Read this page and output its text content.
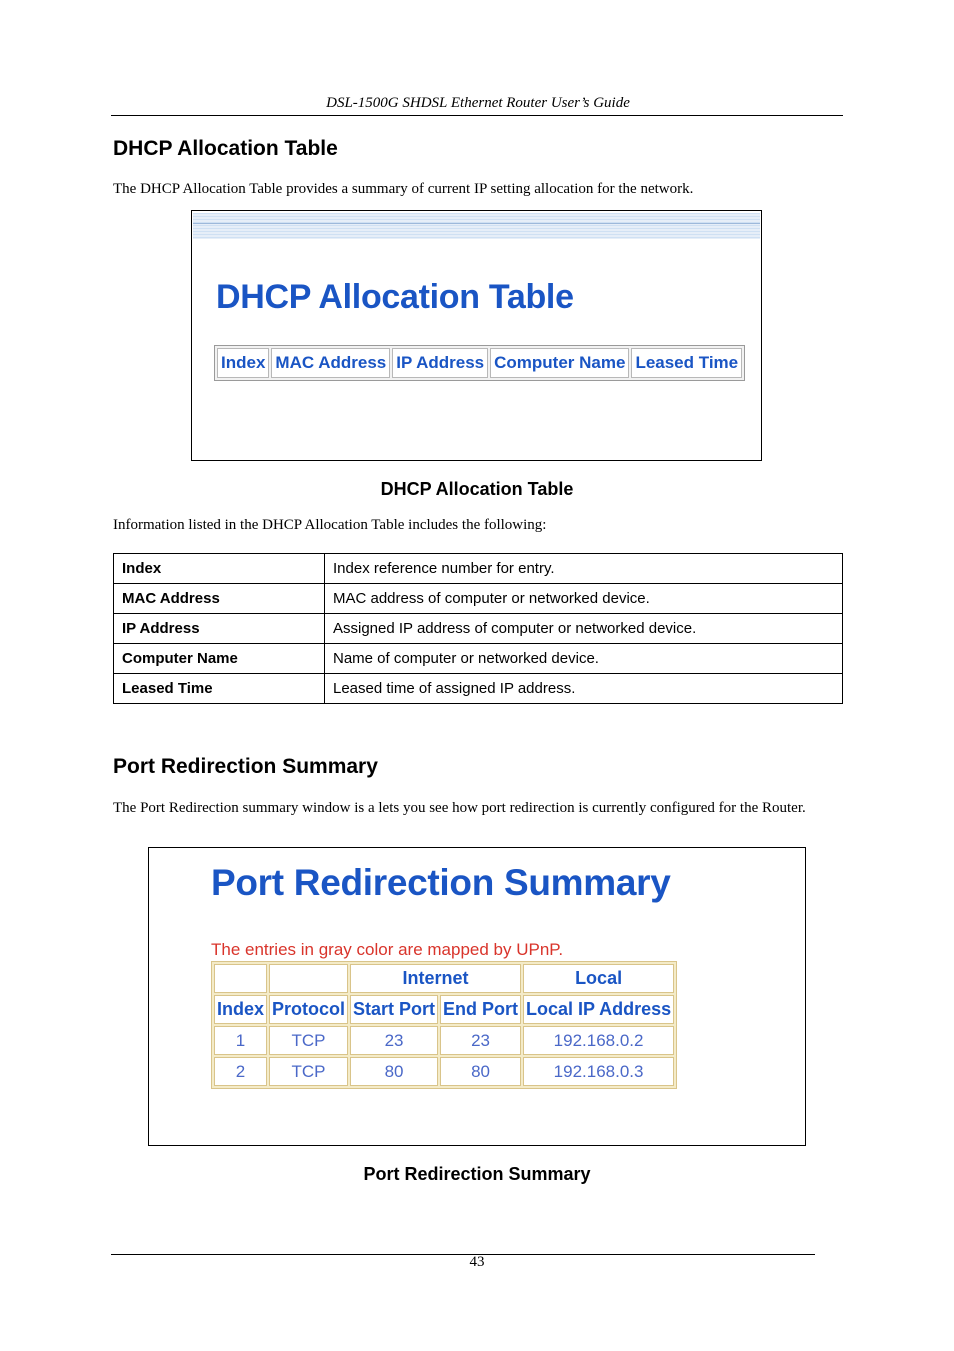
DSL-1500G SHDSL Ethernet Router User’s Guide
DHCP Allocation Table
The DHCP Allocation Table provides a summary of current IP setting allocation for the network.
DHCP Allocation Table
Index	MAC Address	IP Address	Computer Name	Leased Time
DHCP Allocation Table
Information listed in the DHCP Allocation Table includes the following:
Index	Index reference number for entry.
MAC Address	MAC address of computer or networked device.
IP Address	Assigned IP address of computer or networked device.
Computer Name	Name of computer or networked device.
Leased Time	Leased time of assigned IP address.
Port Redirection Summary
The Port Redirection summary window is a lets you see how port redirection is currently configured for the Router.
Port Redirection Summary
The entries in gray color are mapped by UPnP.
		Internet		Local
Index	Protocol	Start Port	End Port	Local IP Address
1	TCP	23	23	192.168.0.2
2	TCP	80	80	192.168.0.3
Port Redirection Summary
43
